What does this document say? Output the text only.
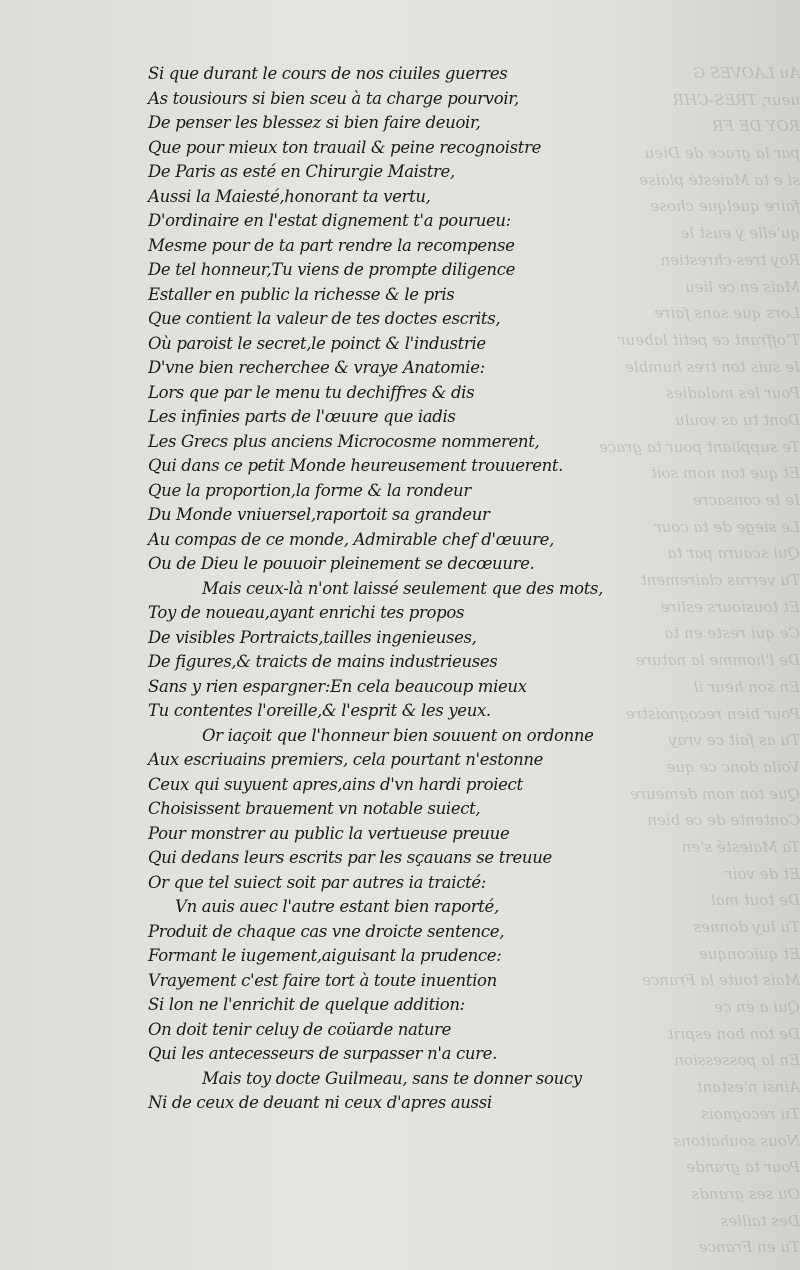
Au LAOVES G
ueur, TRES-CHR
ROY DE FR
par la grace de Dieu
si e ta Maiesté plaise
faire quelque chose
qu'elle y eust le
Roy tres-chrestien
Mais en ce lieu
Lors que sans faire
T'offrant ce petit labeur
Ie suis ton tres humble
Pour les maladies
Dont tu as voulu
Te suppliant pour ta grace
Et que ton nom soit
Ie te consacre
Le siege de ta cour
Qui scaura par ta
Tu verras clairement
Et tousiours eslire
Ce qui reste en ta
De l'homme la nature
En son heur il
Pour bien recognoistre
Tu as fait ce vray
Voila donc ce que
Que ton nom demeure
Contente de ce bien
Ta Maiesté s'en
Et de voir
De tout mal
Tu luy donnes
Et quiconque
Mais toute la France
Qui a en ce
De ton bon esprit
En la possession
Ainsi n'estant
Tu recognois
Nous souhaitons
Pour ta grande
Ou ses grands
Des tailles
Tu en France
Si que durant le cours de nos ciuiles guerres
As tousiours si bien sceu à ta charge pourvoir,
De penser les blessez si bien faire deuoir,
Que pour mieux ton trauail & peine recognoistre
De Paris as esté en Chirurgie Maistre,
Aussi la Maiesté,honorant ta vertu,
D'ordinaire en l'estat dignement t'a pourueu:
Mesme pour de ta part rendre la recompense
De tel honneur,Tu viens de prompte diligence
Estaller en public la richesse & le pris
Que contient la valeur de tes doctes escrits,
Où paroist le secret,le poinct & l'industrie
D'vne bien recherchee & vraye Anatomie:
Lors que par le menu tu dechiffres & dis
Les infinies parts de l'œuure que iadis
Les Grecs plus anciens Microcosme nommerent,
Qui dans ce petit Monde heureusement trouuerent.
Que la proportion,la forme & la rondeur
Du Monde vniuersel,raportoit sa grandeur
Au compas de ce monde, Admirable chef d'œuure,
Ou de Dieu le pouuoir pleinement se decœuure.
Mais ceux-là n'ont laissé seulement que des mots,
Toy de noueau,ayant enrichi tes propos
De visibles Portraicts,tailles ingenieuses,
De figures,& traicts de mains industrieuses
Sans y rien espargner:En cela beaucoup mieux
Tu contentes l'oreille,& l'esprit & les yeux.
Or iaçoit que l'honneur bien souuent on ordonne
Aux escriuains premiers, cela pourtant n'estonne
Ceux qui suyuent apres,ains d'vn hardi proiect
Choisissent brauement vn notable suiect,
Pour monstrer au public la vertueuse preuue
Qui dedans leurs escrits par les sçauans se treuue
Or que tel suiect soit par autres ia traicté:
Vn auis auec l'autre estant bien raporté,
Produit de chaque cas vne droicte sentence,
Formant le iugement,aiguisant la prudence:
Vrayement c'est faire tort à toute inuention
Si lon ne l'enrichit de quelque addition:
On doit tenir celuy de coüarde nature
Qui les antecesseurs de surpasser n'a cure.
Mais toy docte Guilmeau, sans te donner soucy
Ni de ceux de deuant ni ceux d'apres aussi
